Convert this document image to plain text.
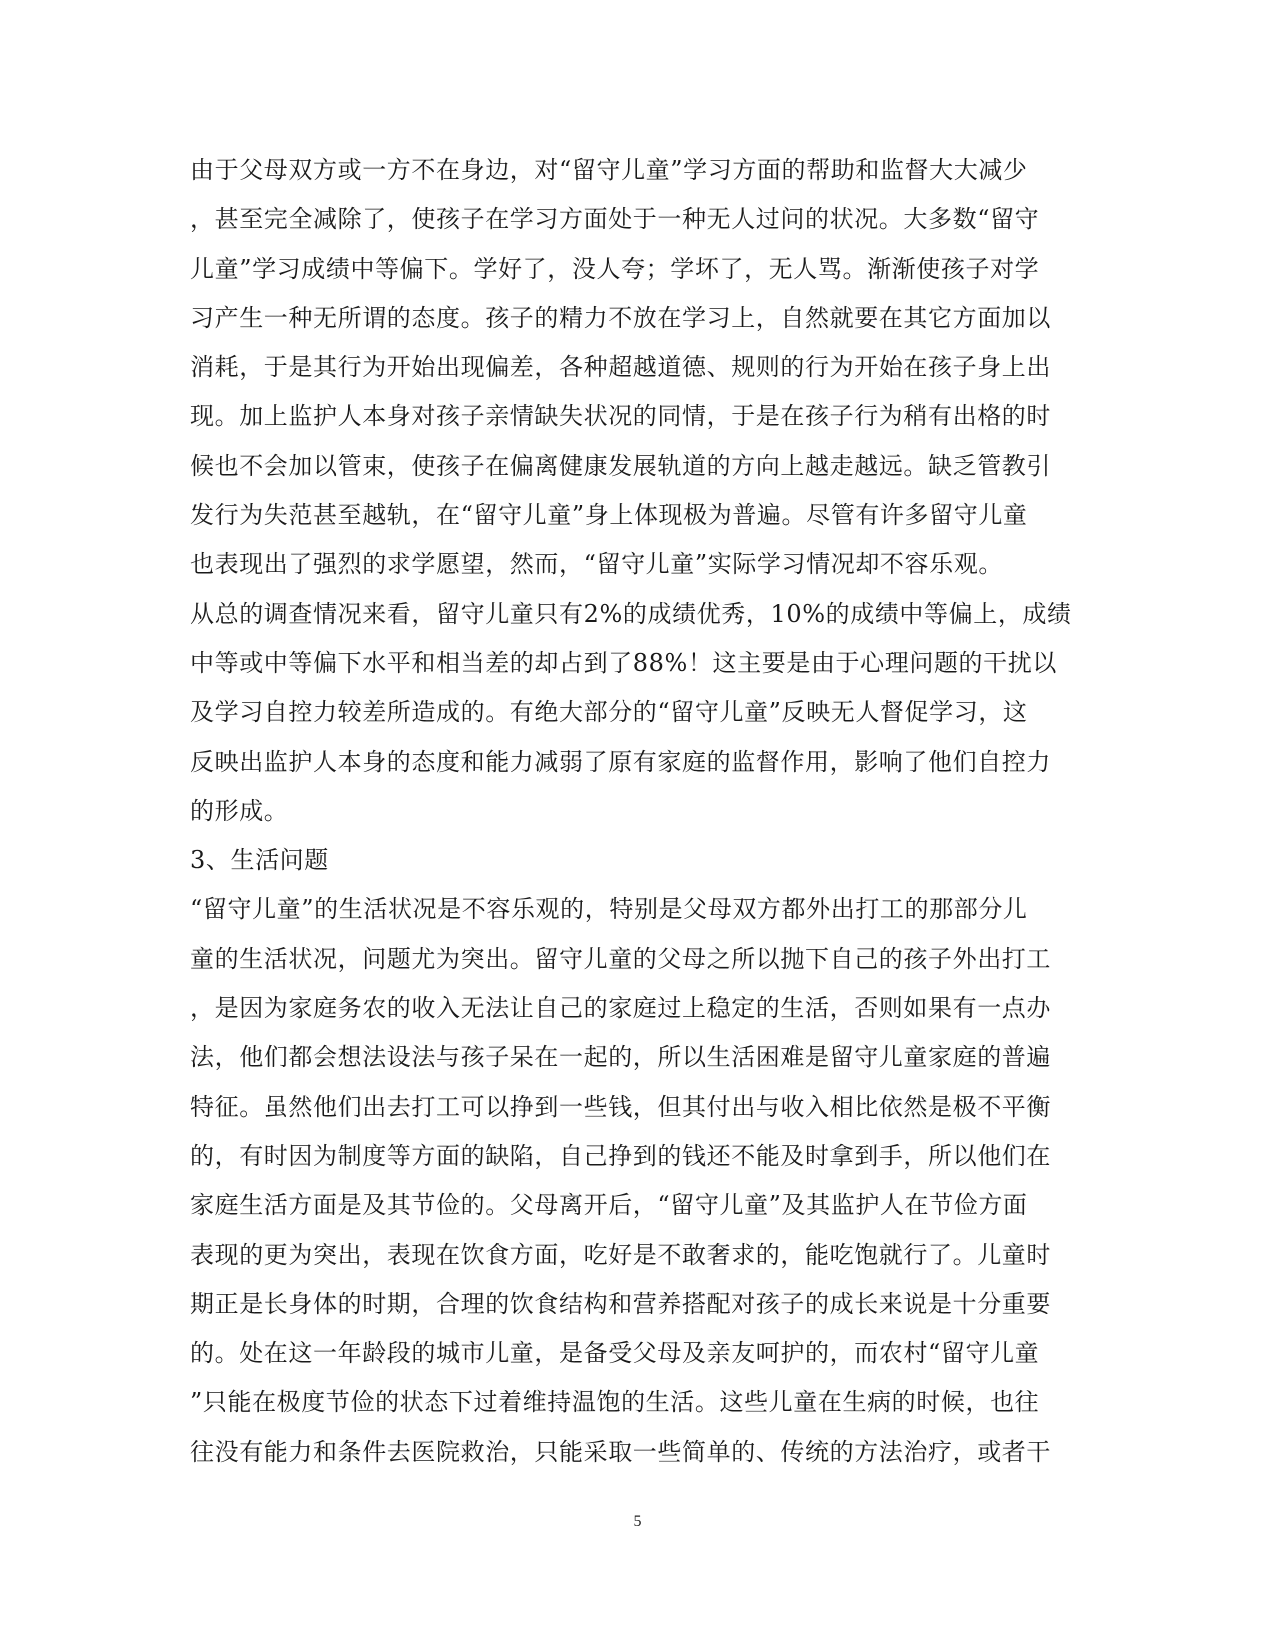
由于父母双方或一方不在身边，对“留守儿童”学习方面的帮助和监督大大减少
，甚至完全减除了，使孩子在学习方面处于一种无人过问的状况。大多数“留守
儿童”学习成绩中等偏下。学好了，没人夸；学坏了，无人骂。渐渐使孩子对学
习产生一种无所谓的态度。孩子的精力不放在学习上，自然就要在其它方面加以
消耗，于是其行为开始出现偏差，各种超越道德、规则的行为开始在孩子身上出
现。加上监护人本身对孩子亲情缺失状况的同情，于是在孩子行为稍有出格的时
候也不会加以管束，使孩子在偏离健康发展轨道的方向上越走越远。缺乏管教引
发行为失范甚至越轨，在“留守儿童”身上体现极为普遍。尽管有许多留守儿童
也表现出了强烈的求学愿望，然而，“留守儿童”实际学习情况却不容乐观。
从总的调查情况来看，留守儿童只有2%的成绩优秀，10%的成绩中等偏上，成绩
中等或中等偏下水平和相当差的却占到了88%！这主要是由于心理问题的干扰以
及学习自控力较差所造成的。有绝大部分的“留守儿童”反映无人督促学习，这
反映出监护人本身的态度和能力减弱了原有家庭的监督作用，影响了他们自控力
的形成。
3、生活问题
“留守儿童”的生活状况是不容乐观的，特别是父母双方都外出打工的那部分儿
童的生活状况，问题尤为突出。留守儿童的父母之所以抛下自己的孩子外出打工
，是因为家庭务农的收入无法让自己的家庭过上稳定的生活，否则如果有一点办
法，他们都会想法设法与孩子呆在一起的，所以生活困难是留守儿童家庭的普遍
特征。虽然他们出去打工可以挣到一些钱，但其付出与收入相比依然是极不平衡
的，有时因为制度等方面的缺陷，自己挣到的钱还不能及时拿到手，所以他们在
家庭生活方面是及其节俭的。父母离开后，“留守儿童”及其监护人在节俭方面
表现的更为突出，表现在饮食方面，吃好是不敢奢求的，能吃饱就行了。儿童时
期正是长身体的时期，合理的饮食结构和营养搭配对孩子的成长来说是十分重要
的。处在这一年龄段的城市儿童，是备受父母及亲友呵护的，而农村“留守儿童
”只能在极度节俭的状态下过着维持温饱的生活。这些儿童在生病的时候，也往
往没有能力和条件去医院救治，只能采取一些简单的、传统的方法治疗，或者干
5
